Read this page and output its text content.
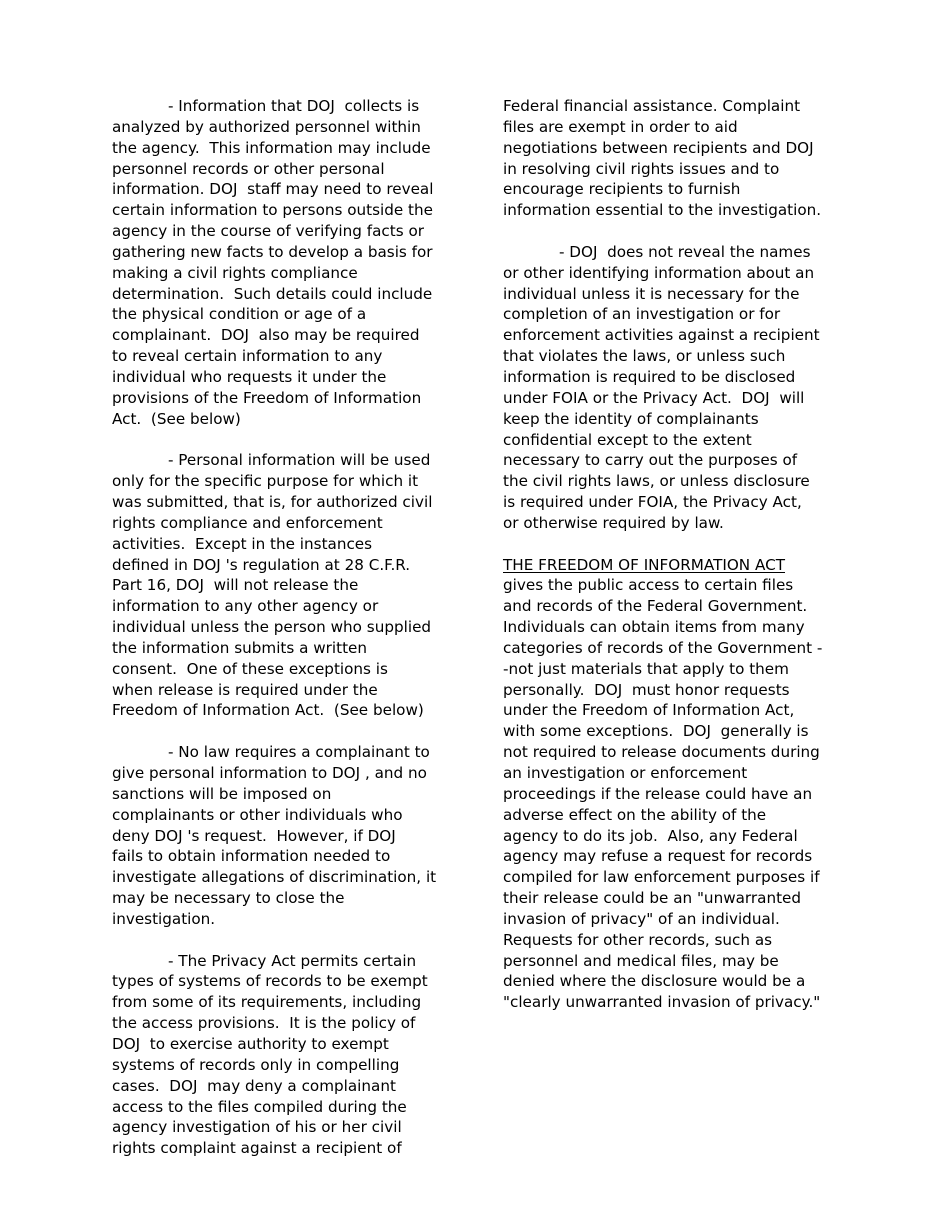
- Information that DOJ  collects is
analyzed by authorized personnel within
the agency.  This information may include
personnel records or other personal
information. DOJ  staff may need to reveal
certain information to persons outside the
agency in the course of verifying facts or
gathering new facts to develop a basis for
making a civil rights compliance
determination.  Such details could include
the physical condition or age of a
complainant.  DOJ  also may be required
to reveal certain information to any
individual who requests it under the
provisions of the Freedom of Information
Act.  (See below)
- Personal information will be used
only for the specific purpose for which it
was submitted, that is, for authorized civil
rights compliance and enforcement
activities.  Except in the instances
defined in DOJ 's regulation at 28 C.F.R.
Part 16, DOJ  will not release the
information to any other agency or
individual unless the person who supplied
the information submits a written
consent.  One of these exceptions is
when release is required under the
Freedom of Information Act.  (See below)
- No law requires a complainant to
give personal information to DOJ , and no
sanctions will be imposed on
complainants or other individuals who
deny DOJ 's request.  However, if DOJ
fails to obtain information needed to
investigate allegations of discrimination, it
may be necessary to close the
investigation.
- The Privacy Act permits certain
types of systems of records to be exempt
from some of its requirements, including
the access provisions.  It is the policy of
DOJ  to exercise authority to exempt
systems of records only in compelling
cases.  DOJ  may deny a complainant
access to the files compiled during the
agency investigation of his or her civil
rights complaint against a recipient of
Federal financial assistance. Complaint
files are exempt in order to aid
negotiations between recipients and DOJ
in resolving civil rights issues and to
encourage recipients to furnish
information essential to the investigation.
- DOJ  does not reveal the names
or other identifying information about an
individual unless it is necessary for the
completion of an investigation or for
enforcement activities against a recipient
that violates the laws, or unless such
information is required to be disclosed
under FOIA or the Privacy Act.  DOJ  will
keep the identity of complainants
confidential except to the extent
necessary to carry out the purposes of
the civil rights laws, or unless disclosure
is required under FOIA, the Privacy Act,
or otherwise required by law.
THE FREEDOM OF INFORMATION ACT
gives the public access to certain files
and records of the Federal Government.
Individuals can obtain items from many
categories of records of the Government -
-not just materials that apply to them
personally.  DOJ  must honor requests
under the Freedom of Information Act,
with some exceptions.  DOJ  generally is
not required to release documents during
an investigation or enforcement
proceedings if the release could have an
adverse effect on the ability of the
agency to do its job.  Also, any Federal
agency may refuse a request for records
compiled for law enforcement purposes if
their release could be an "unwarranted
invasion of privacy" of an individual.
Requests for other records, such as
personnel and medical files, may be
denied where the disclosure would be a
"clearly unwarranted invasion of privacy."
